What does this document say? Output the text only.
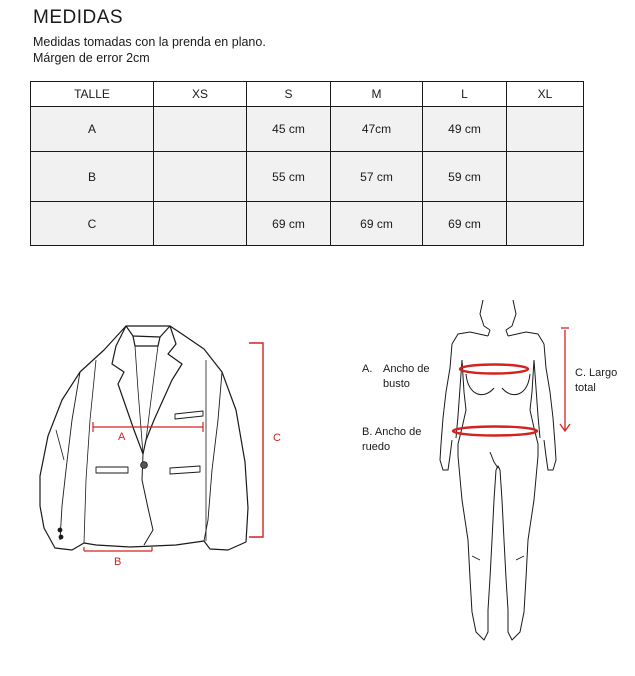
MEDIDAS
Medidas tomadas con la prenda en plano.
Márgen de error 2cm
TALLE	XS	S	M	L	XL
A		45 cm	47cm	49 cm	
B		55 cm	57 cm	59 cm	
C		69 cm	69 cm	69 cm	
A
B
C
A. Ancho de
busto
B. Ancho de
ruedo
C. Largo
total
